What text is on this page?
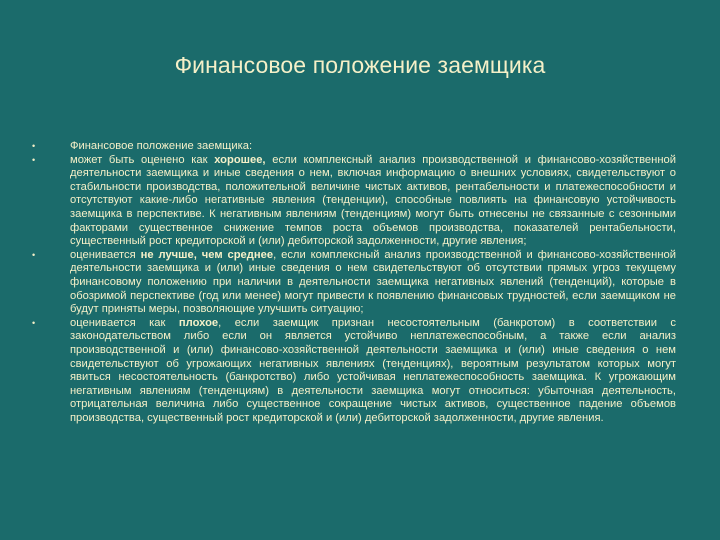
Финансовое положение заемщика
•	Финансовое положение заемщика:
•	может быть оценено как хорошее, если комплексный анализ производственной и финансово-хозяйственной деятельности заемщика и иные сведения о нем, включая информацию о внешних условиях, свидетельствуют о стабильности производства, положительной величине чистых активов, рентабельности и платежеспособности и отсутствуют какие-либо негативные явления (тенденции), способные повлиять на финансовую устойчивость заемщика в перспективе. К негативным явлениям (тенденциям) могут быть отнесены не связанные с сезонными факторами существенное снижение темпов роста объемов производства, показателей рентабельности, существенный рост кредиторской и (или) дебиторской задолженности, другие явления;
•	оценивается не лучше, чем среднее, если комплексный анализ производственной и финансово-хозяйственной деятельности заемщика и (или) иные сведения о нем свидетельствуют об отсутствии прямых угроз текущему финансовому положению при наличии в деятельности заемщика негативных явлений (тенденций), которые в обозримой перспективе (год или менее) могут привести к появлению финансовых трудностей, если заемщиком не будут приняты меры, позволяющие улучшить ситуацию;
•	оценивается как плохое, если заемщик признан несостоятельным (банкротом) в соответствии с законодательством либо если он является устойчиво неплатежеспособным, а также если анализ производственной и (или) финансово-хозяйственной деятельности заемщика и (или) иные сведения о нем свидетельствуют об угрожающих негативных явлениях (тенденциях), вероятным результатом которых могут явиться несостоятельность (банкротство) либо устойчивая неплатежеспособность заемщика. К угрожающим негативным явлениям (тенденциям) в деятельности заемщика могут относиться: убыточная деятельность, отрицательная величина либо существенное сокращение чистых активов, существенное падение объемов производства, существенный рост кредиторской и (или) дебиторской задолженности, другие явления.
